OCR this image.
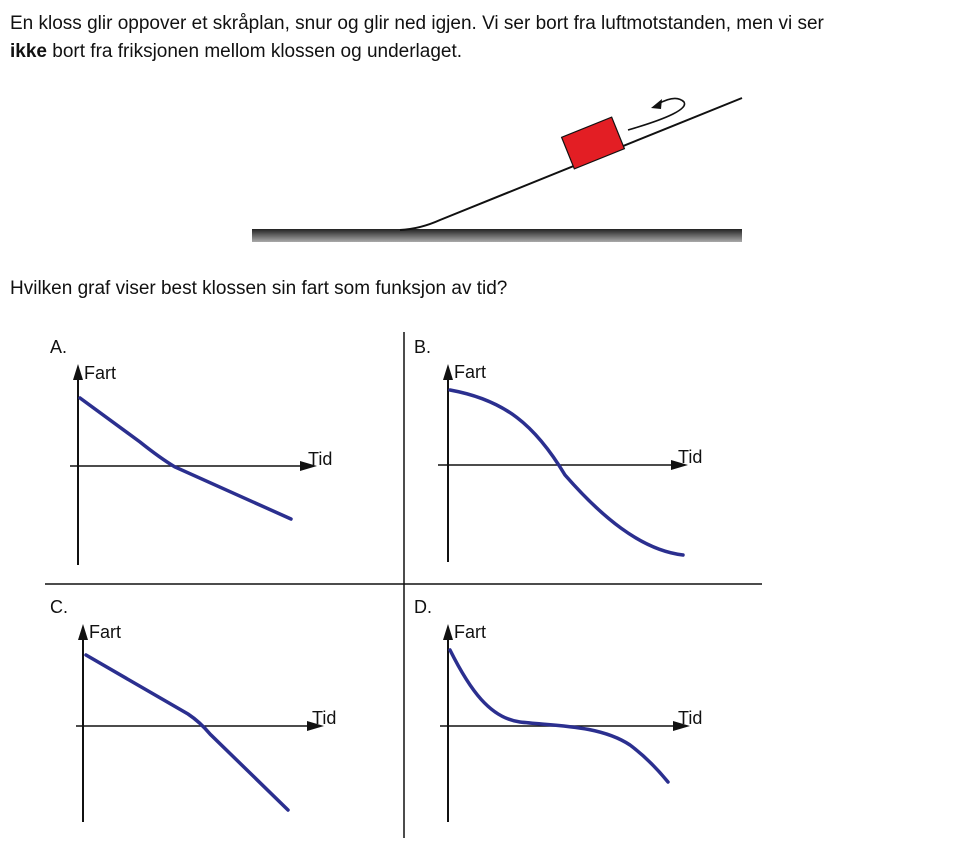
En kloss glir oppover et skråplan, snur og glir ned igjen. Vi ser bort fra luftmotstanden, men vi ser
ikke bort fra friksjonen mellom klossen og underlaget.

Hvilken graf viser best klossen sin fart som funksjon av tid?

A.	B.
C.	D.
Fart
Tid
Fart
Tid
Fart
Tid
Fart
Tid
